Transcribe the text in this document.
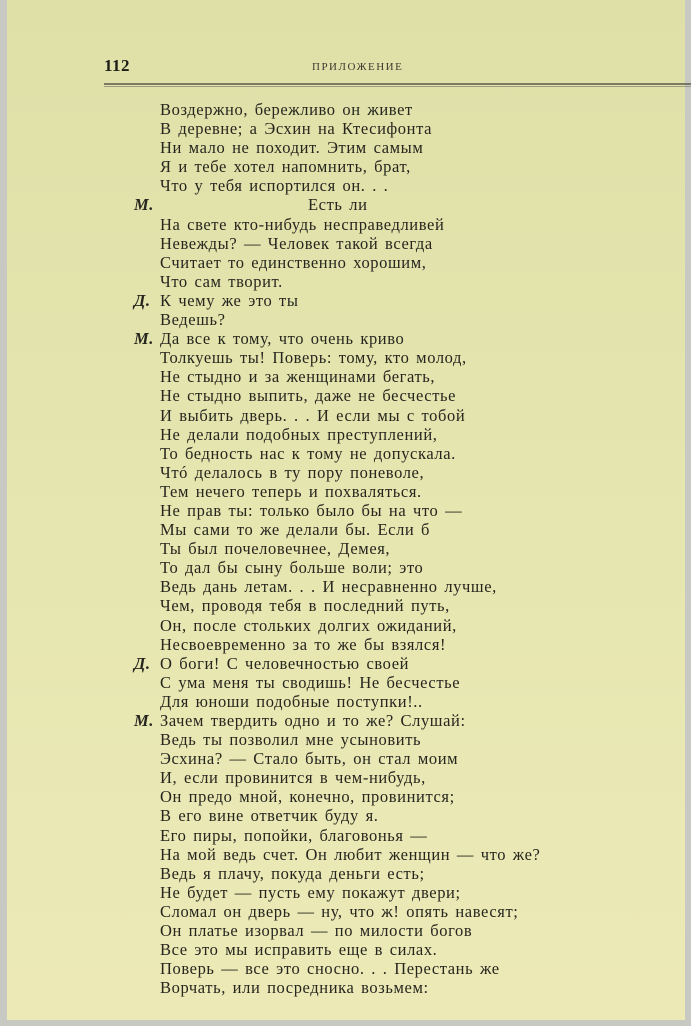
112	ПРИЛОЖЕНИЕ
Воздержно, бережливо он живет
В деревне; а Эсхин на Ктесифонта
Ни мало не походит. Этим самым
Я и тебе хотел напомнить, брат,
Что у тебя испортился он. . .
М.	Есть ли
На свете кто-нибудь несправедливей
Невежды? — Человек такой всегда
Считает то единственно хорошим,
Что сам творит.
Д. К чему же это ты
Ведешь?
М. Да все к тому, что очень криво
Толкуешь ты! Поверь: тому, кто молод,
Не стыдно и за женщинами бегать,
Не стыдно выпить, даже не бесчестье
И выбить дверь. . . И если мы с тобой
Не делали подобных преступлений,
То бедность нас к тому не допускала.
Чтó делалось в ту пору поневоле,
Тем нечего теперь и похваляться.
Не прав ты: только было бы на что —
Мы сами то же делали бы. Если б
Ты был почеловечнее, Демея,
То дал бы сыну больше воли; это
Ведь дань летам. . . И несравненно лучше,
Чем, проводя тебя в последний путь,
Он, после стольких долгих ожиданий,
Несвоевременно за то же бы взялся!
Д. О боги! С человечностью своей
С ума меня ты сводишь! Не бесчестье
Для юноши подобные поступки!..
М. Зачем твердить одно и то же? Слушай:
Ведь ты позволил мне усыновить
Эсхина? — Стало быть, он стал моим
И, если провинится в чем-нибудь,
Он предо мной, конечно, провинится;
В его вине ответчик буду я.
Его пиры, попойки, благовонья —
На мой ведь счет. Он любит женщин — что же?
Ведь я плачу, покуда деньги есть;
Не будет — пусть ему покажут двери;
Сломал он дверь — ну, что ж! опять навесят;
Он платье изорвал — по милости богов
Все это мы исправить еще в силах.
Поверь — все это сносно. . . Перестань же
Ворчать, или посредника возьмем:
